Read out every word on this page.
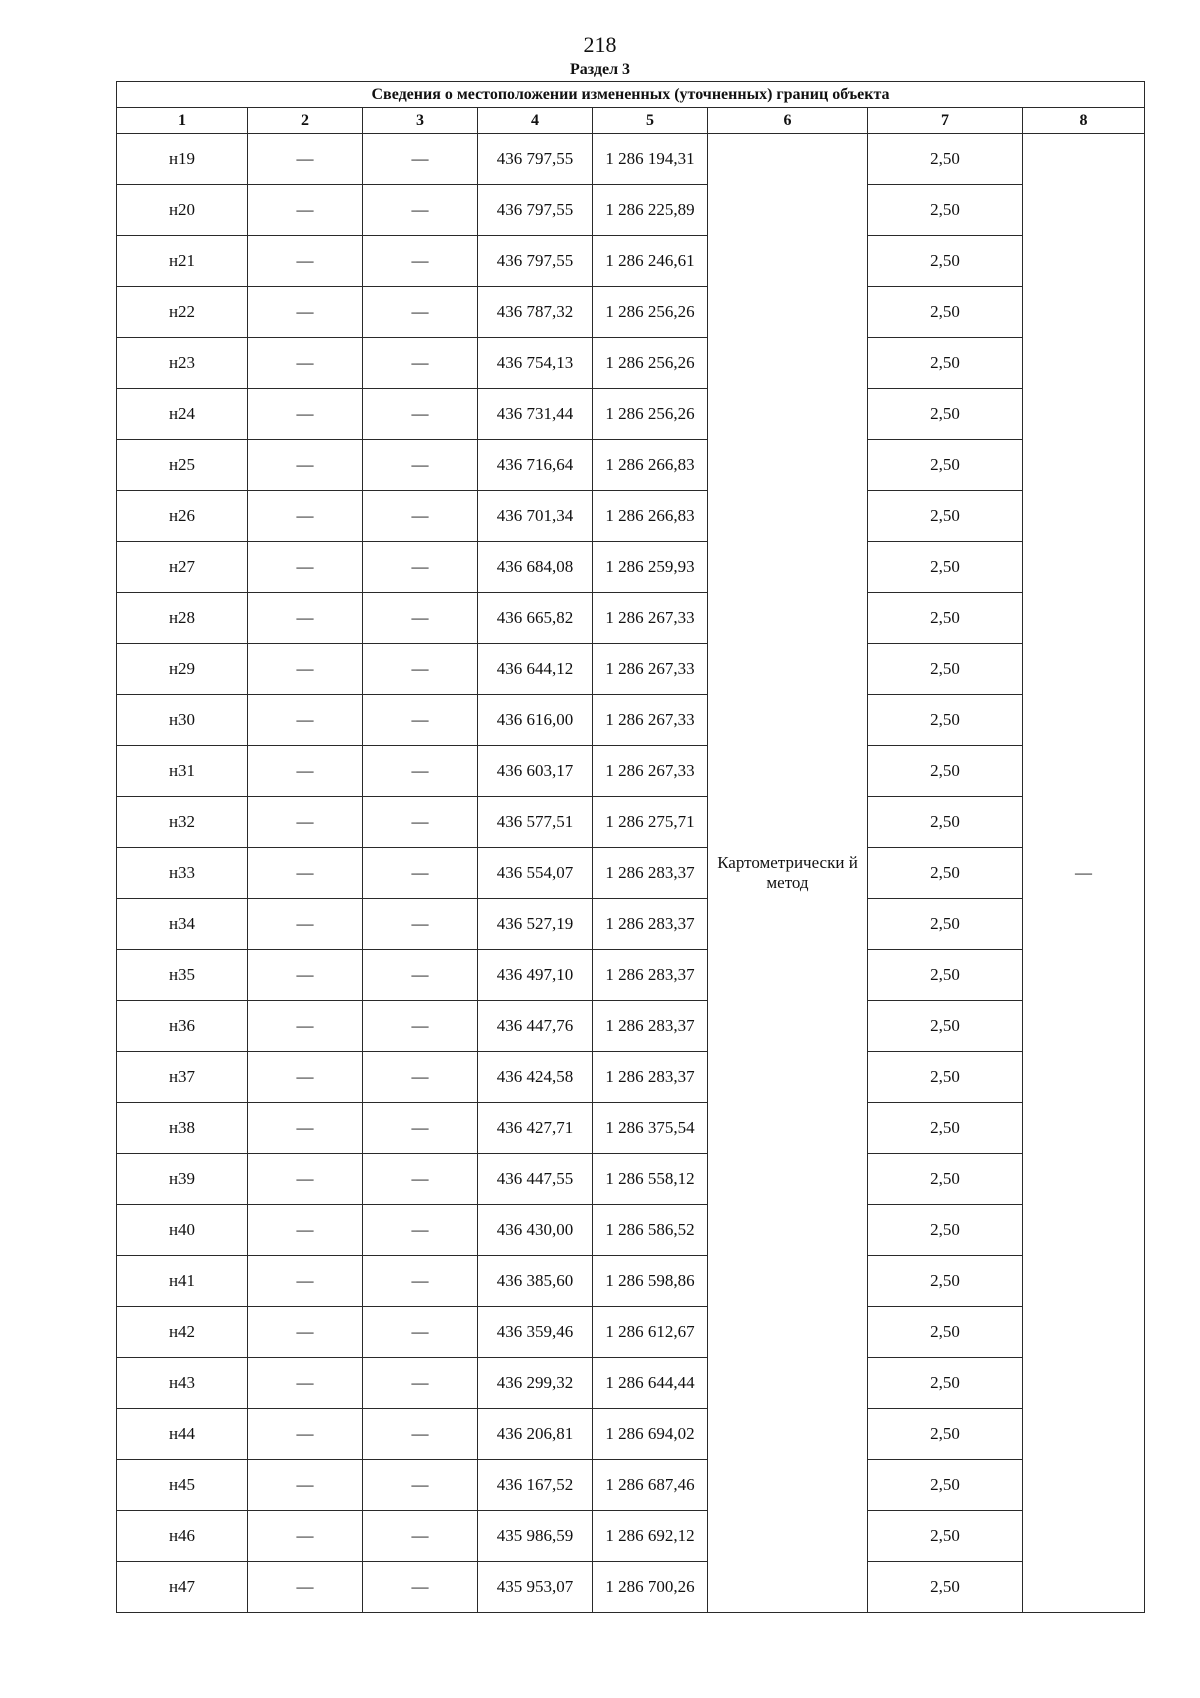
218
Раздел 3
Сведения о местоположении измененных (уточненных) границ объекта							
1	2	3	4	5	6	7	8
н19	—	—	436 797,55	1 286 194,31	Картометрически й метод	2,50	—
н20	—	—	436 797,55	1 286 225,89		2,50	
н21	—	—	436 797,55	1 286 246,61		2,50	
н22	—	—	436 787,32	1 286 256,26		2,50	
н23	—	—	436 754,13	1 286 256,26		2,50	
н24	—	—	436 731,44	1 286 256,26		2,50	
н25	—	—	436 716,64	1 286 266,83		2,50	
н26	—	—	436 701,34	1 286 266,83		2,50	
н27	—	—	436 684,08	1 286 259,93		2,50	
н28	—	—	436 665,82	1 286 267,33		2,50	
н29	—	—	436 644,12	1 286 267,33		2,50	
н30	—	—	436 616,00	1 286 267,33		2,50	
н31	—	—	436 603,17	1 286 267,33		2,50	
н32	—	—	436 577,51	1 286 275,71		2,50	
н33	—	—	436 554,07	1 286 283,37		2,50	
н34	—	—	436 527,19	1 286 283,37		2,50	
н35	—	—	436 497,10	1 286 283,37		2,50	
н36	—	—	436 447,76	1 286 283,37		2,50	
н37	—	—	436 424,58	1 286 283,37		2,50	
н38	—	—	436 427,71	1 286 375,54		2,50	
н39	—	—	436 447,55	1 286 558,12		2,50	
н40	—	—	436 430,00	1 286 586,52		2,50	
н41	—	—	436 385,60	1 286 598,86		2,50	
н42	—	—	436 359,46	1 286 612,67		2,50	
н43	—	—	436 299,32	1 286 644,44		2,50	
н44	—	—	436 206,81	1 286 694,02		2,50	
н45	—	—	436 167,52	1 286 687,46		2,50	
н46	—	—	435 986,59	1 286 692,12		2,50	
н47	—	—	435 953,07	1 286 700,26		2,50	
